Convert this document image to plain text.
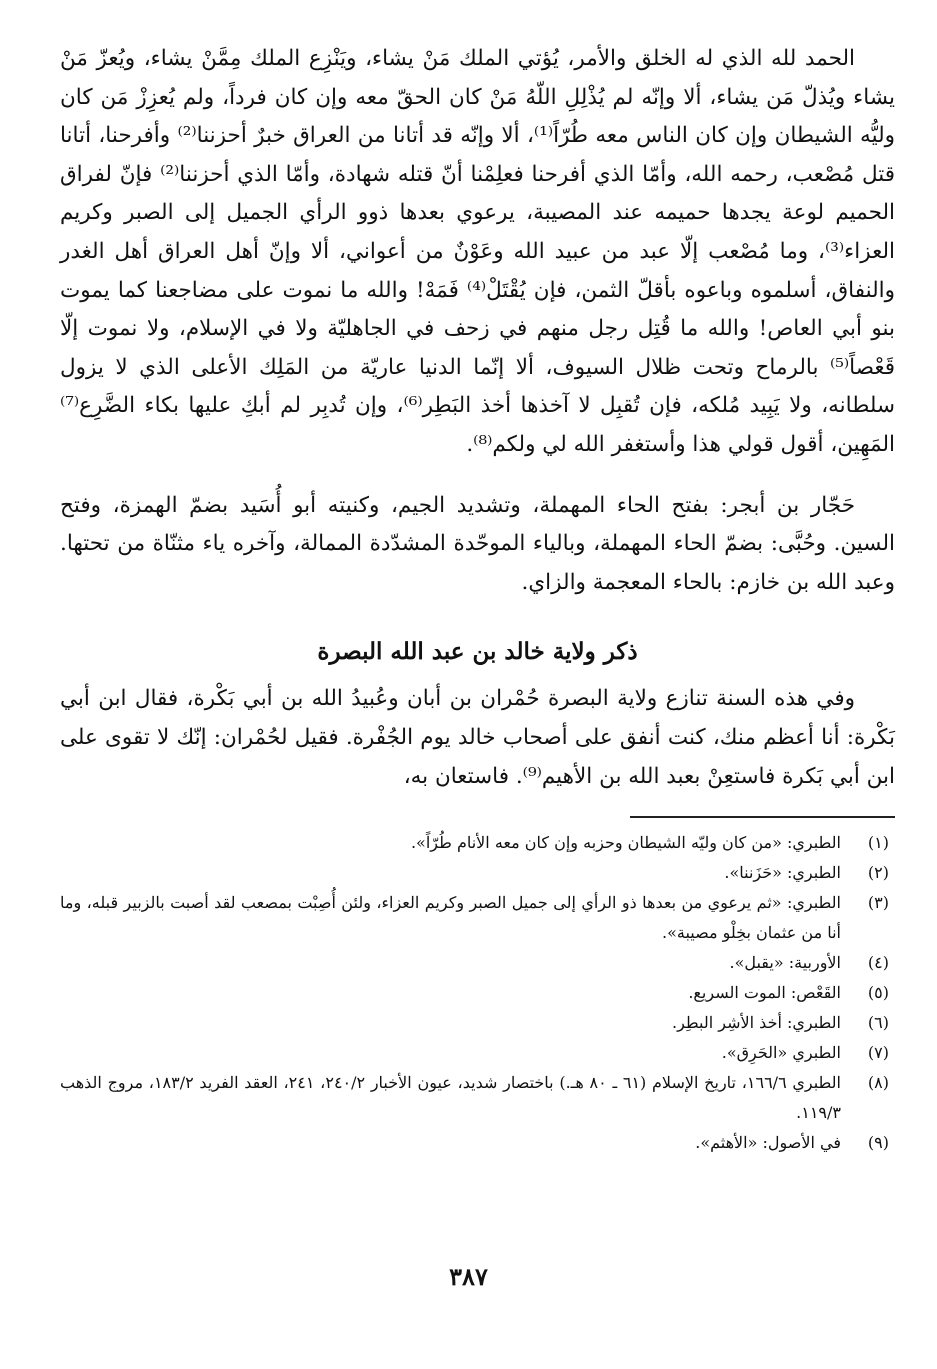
الحمد لله الذي له الخلق والأمر، يُؤتي الملك مَنْ يشاء، ويَنْزِع الملك مِمَّنْ يشاء، ويُعزّ مَنْ يشاء ويُذلّ مَن يشاء، ألا وإنّه لم يُذْلِلِ اللّهُ مَنْ كان الحقّ معه وإن كان فرداً، ولم يُعزِزْ مَن كان وليُّه الشيطان وإن كان الناس معه طُرّاً⁽¹⁾، ألا وإنّه قد أتانا من العراق خبرٌ أحزننا⁽²⁾ وأفرحنا، أتانا قتل مُصْعب، رحمه الله، وأمّا الذي أفرحنا فعلِمْنا أنّ قتله شهادة، وأمّا الذي أحزننا⁽²⁾ فإنّ لفراق الحميم لوعة يجدها حميمه عند المصيبة، يرعوي بعدها ذوو الرأي الجميل إلى الصبر وكريم العزاء⁽³⁾، وما مُصْعب إلّا عبد من عبيد الله وعَوْنٌ من أعواني، ألا وإنّ أهل العراق أهل الغدر والنفاق، أسلموه وباعوه بأقلّ الثمن، فإن يُقْتَلْ⁽⁴⁾ فَمَهْ! والله ما نموت على مضاجعنا كما يموت بنو أبي العاص! والله ما قُتِل رجل منهم في زحف في الجاهليّة ولا في الإسلام، ولا نموت إلّا قَعْصاً⁽⁵⁾ بالرماح وتحت ظلال السيوف، ألا إنّما الدنيا عاريّة من المَلِك الأعلى الذي لا يزول سلطانه، ولا يَبِيد مُلكه، فإن تُقبِل لا آخذها أخذ البَطِر⁽⁶⁾، وإن تُدبِر لم أبكِ عليها بكاء الضَّرِع⁽⁷⁾ المَهِين، أقول قولي هذا وأستغفر الله لي ولكم⁽⁸⁾.

حَجّار بن أبجر: بفتح الحاء المهملة، وتشديد الجيم، وكنيته أبو أُسَيد بضمّ الهمزة، وفتح السين. وحُبَّى: بضمّ الحاء المهملة، وبالياء الموحّدة المشدّدة الممالة، وآخره ياء مثنّاة من تحتها. وعبد الله بن خازم: بالحاء المعجمة والزاي.

ذكر ولاية خالد بن عبد الله البصرة

وفي هذه السنة تنازع ولاية البصرة حُمْران بن أبان وعُبيدُ الله بن أبي بَكْرة، فقال ابن أبي بَكْرة: أنا أعظم منك، كنت أنفق على أصحاب خالد يوم الجُفْرة. فقيل لحُمْران: إنّك لا تقوى على ابن أبي بَكرة فاستعِنْ بعبد الله بن الأهيم⁽⁹⁾. فاستعان به،

(١)
الطبري: «من كان وليّه الشيطان وحزبه وإن كان معه الأنام طُرّاً».
(٢)
الطبري: «حَزَننا».
(٣)
الطبري: «ثم يرعوي من بعدها ذو الرأي إلى جميل الصبر وكريم العزاء، ولئن أُصِبْت بمصعب لقد أصبت بالزبير قبله، وما أنا من عثمان بخِلْو مصيبة».
(٤)
الأوربية: «يقبل».
(٥)
القَعْص: الموت السريع.
(٦)
الطبري: أخذ الأشِر البطِر.
(٧)
الطبري «الحَرِق».
(٨)
الطبري ١٦٦/٦، تاريخ الإسلام (٦١ ـ ٨٠ هـ.) باختصار شديد، عيون الأخبار ٢٤٠/٢، ٢٤١، العقد الفريد ١٨٣/٢، مروج الذهب ١١٩/٣.
(٩)
في الأصول: «الأهثم».
٣٨٧
